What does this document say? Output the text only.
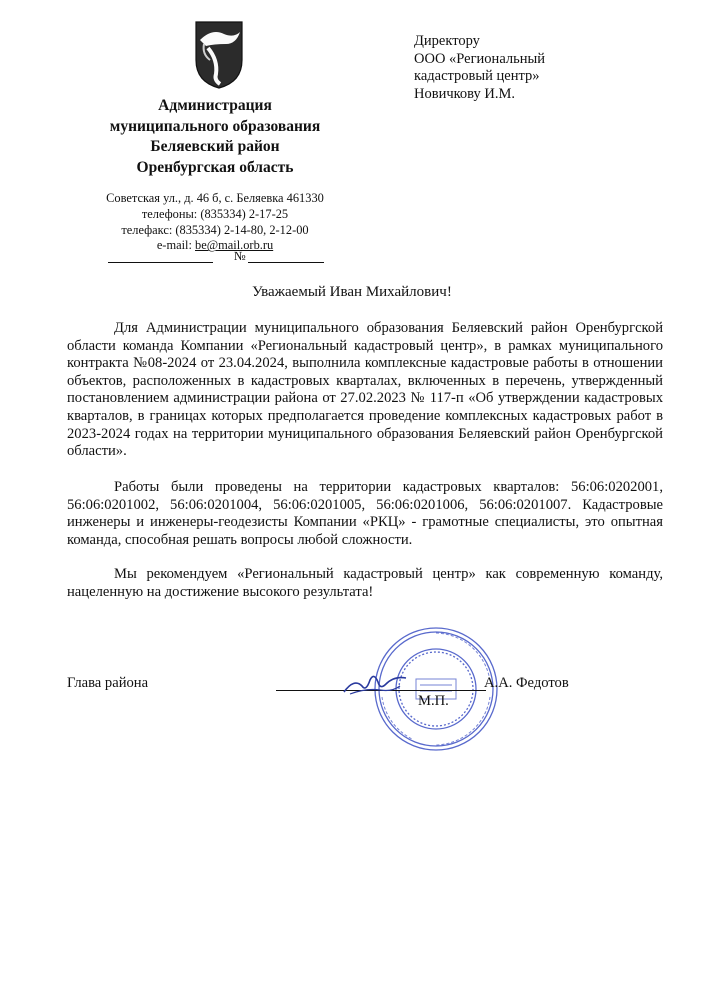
Администрация
муниципального образования
Беляевский район
Оренбургская область
Советская ул., д. 46 б, с. Беляевка 461330
телефоны: (835334) 2-17-25
телефакс: (835334) 2-14-80, 2-12-00
e-mail: be@mail.orb.ru
№
Директору
ООО «Региональный
кадастровый центр»
Новичкову И.М.
Уважаемый Иван Михайлович!
Для Администрации муниципального образования Беляевский район Оренбургской области команда Компании «Региональный кадастровый центр», в рамках муниципального контракта №08-2024 от 23.04.2024, выполнила комплексные кадастровые работы в отношении объектов, расположенных в кадастровых кварталах, включенных в перечень, утвержденный постановлением администрации района от 27.02.2023 № 117-п «Об утверждении кадастровых кварталов, в границах которых предполагается проведение комплексных кадастровых работ в 2023-2024 годах на территории муниципального образования Беляевский район Оренбургской области».
Работы были проведены на территории кадастровых кварталов: 56:06:0202001, 56:06:0201002, 56:06:0201004, 56:06:0201005, 56:06:0201006, 56:06:0201007. Кадастровые инженеры и инженеры-геодезисты Компании «РКЦ» - грамотные специалисты, это опытная команда, способная решать вопросы любой сложности.
Мы рекомендуем «Региональный кадастровый центр» как современную команду, нацеленную на достижение высокого результата!
Глава района	А.А. Федотов
М.П.
